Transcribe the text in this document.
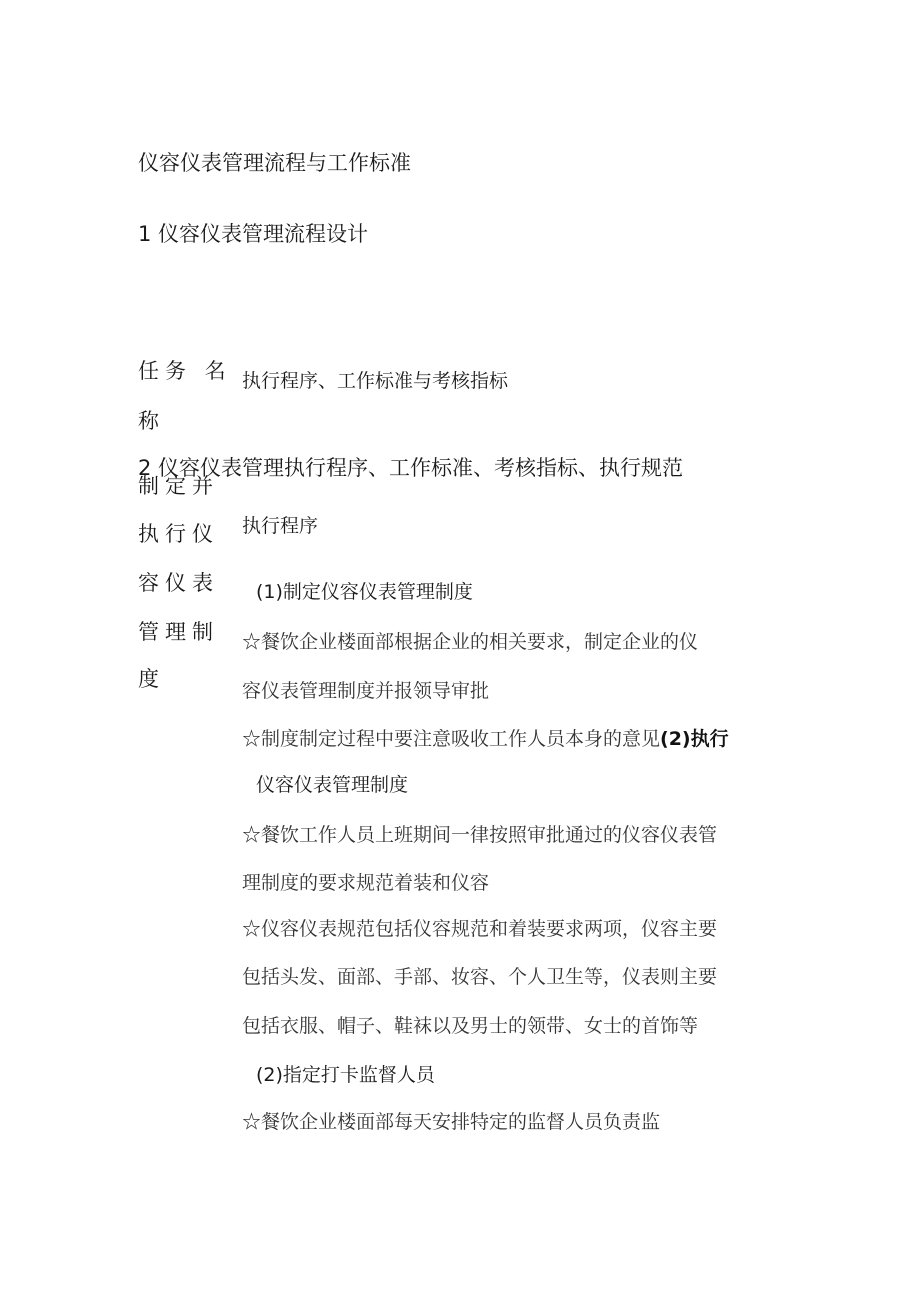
仪容仪表管理流程与工作标准
1 仪容仪表管理流程设计
任务 名
称
制定并
执行仪
容仪表
管理制
度
执行程序、工作标准与考核指标
2 仪容仪表管理执行程序、工作标准、考核指标、执行规范
执行程序
(1)制定仪容仪表管理制度
☆餐饮企业楼面部根据企业的相关要求，制定企业的仪
容仪表管理制度并报领导审批
☆制度制定过程中要注意吸收工作人员本身的意见(2)执行
仪容仪表管理制度
☆餐饮工作人员上班期间一律按照审批通过的仪容仪表管
理制度的要求规范着装和仪容
☆仪容仪表规范包括仪容规范和着装要求两项，仪容主要
包括头发、面部、手部、妆容、个人卫生等，仪表则主要
包括衣服、帽子、鞋袜以及男士的领带、女士的首饰等
(2)指定打卡监督人员
☆餐饮企业楼面部每天安排特定的监督人员负责监
